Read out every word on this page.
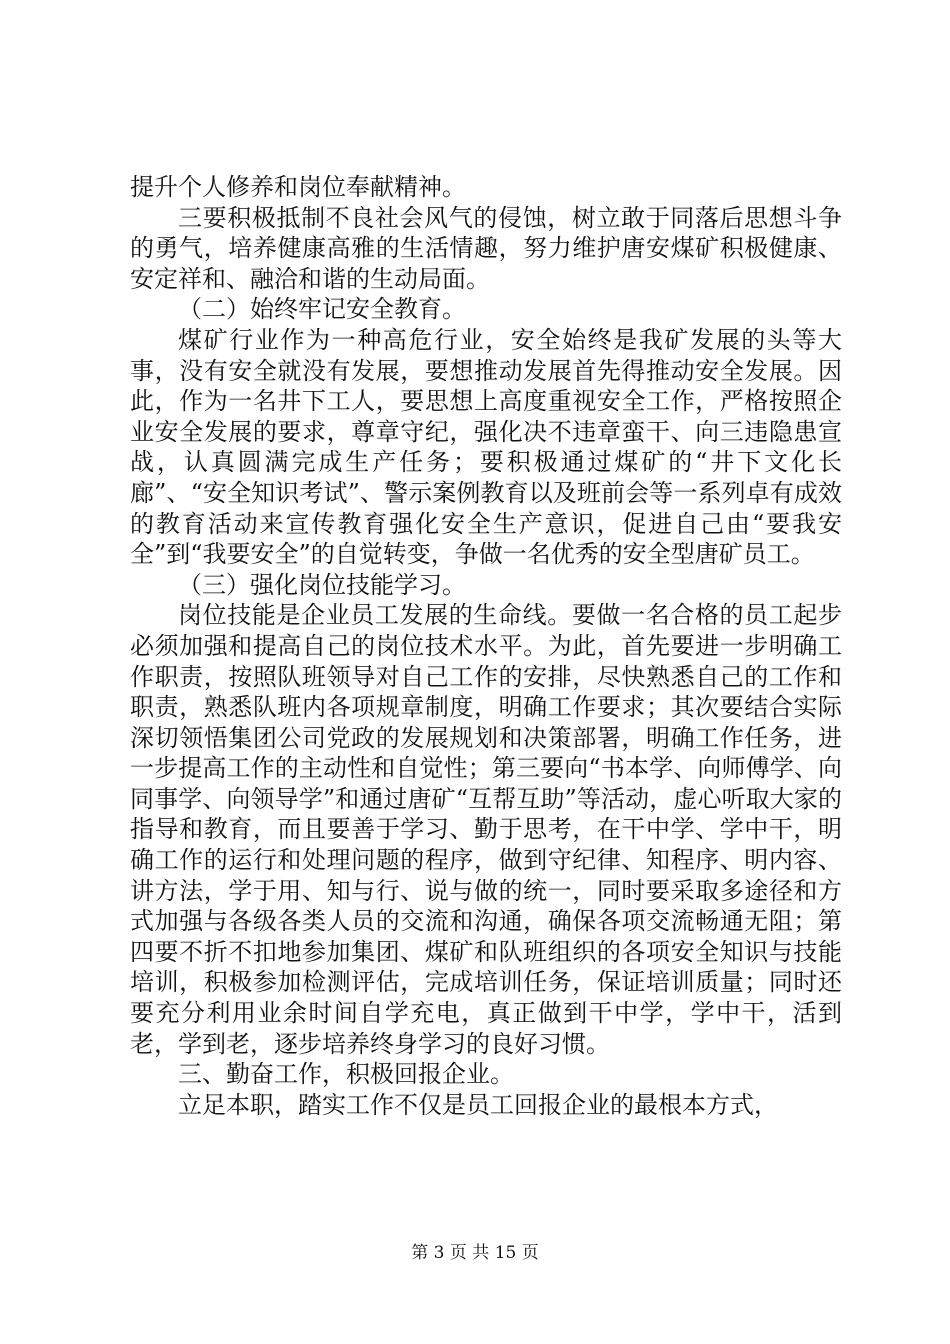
提升个人修养和岗位奉献精神。

三要积极抵制不良社会风气的侵蚀，树立敢于同落后思想斗争的勇气，培养健康高雅的生活情趣，努力维护唐安煤矿积极健康、安定祥和、融洽和谐的生动局面。

（二）始终牢记安全教育。

煤矿行业作为一种高危行业，安全始终是我矿发展的头等大事，没有安全就没有发展，要想推动发展首先得推动安全发展。因此，作为一名井下工人，要思想上高度重视安全工作，严格按照企业安全发展的要求，尊章守纪，强化决不违章蛮干、向三违隐患宣战，认真圆满完成生产任务；要积极通过煤矿的“井下文化长廊”、“安全知识考试”、警示案例教育以及班前会等一系列卓有成效的教育活动来宣传教育强化安全生产意识，促进自己由“要我安全”到“我要安全”的自觉转变，争做一名优秀的安全型唐矿员工。

（三）强化岗位技能学习。

岗位技能是企业员工发展的生命线。要做一名合格的员工起步必须加强和提高自己的岗位技术水平。为此，首先要进一步明确工作职责，按照队班领导对自己工作的安排，尽快熟悉自己的工作和职责，熟悉队班内各项规章制度，明确工作要求；其次要结合实际深切领悟集团公司党政的发展规划和决策部署，明确工作任务，进一步提高工作的主动性和自觉性；第三要向“书本学、向师傅学、向同事学、向领导学”和通过唐矿“互帮互助”等活动，虚心听取大家的指导和教育，而且要善于学习、勤于思考，在干中学、学中干，明确工作的运行和处理问题的程序，做到守纪律、知程序、明内容、讲方法，学于用、知与行、说与做的统一，同时要采取多途径和方式加强与各级各类人员的交流和沟通，确保各项交流畅通无阻；第四要不折不扣地参加集团、煤矿和队班组织的各项安全知识与技能培训，积极参加检测评估，完成培训任务，保证培训质量；同时还要充分利用业余时间自学充电，真正做到干中学，学中干，活到老，学到老，逐步培养终身学习的良好习惯。

三、勤奋工作，积极回报企业。

立足本职，踏实工作不仅是员工回报企业的最根本方式，

第 3 页 共 15 页
